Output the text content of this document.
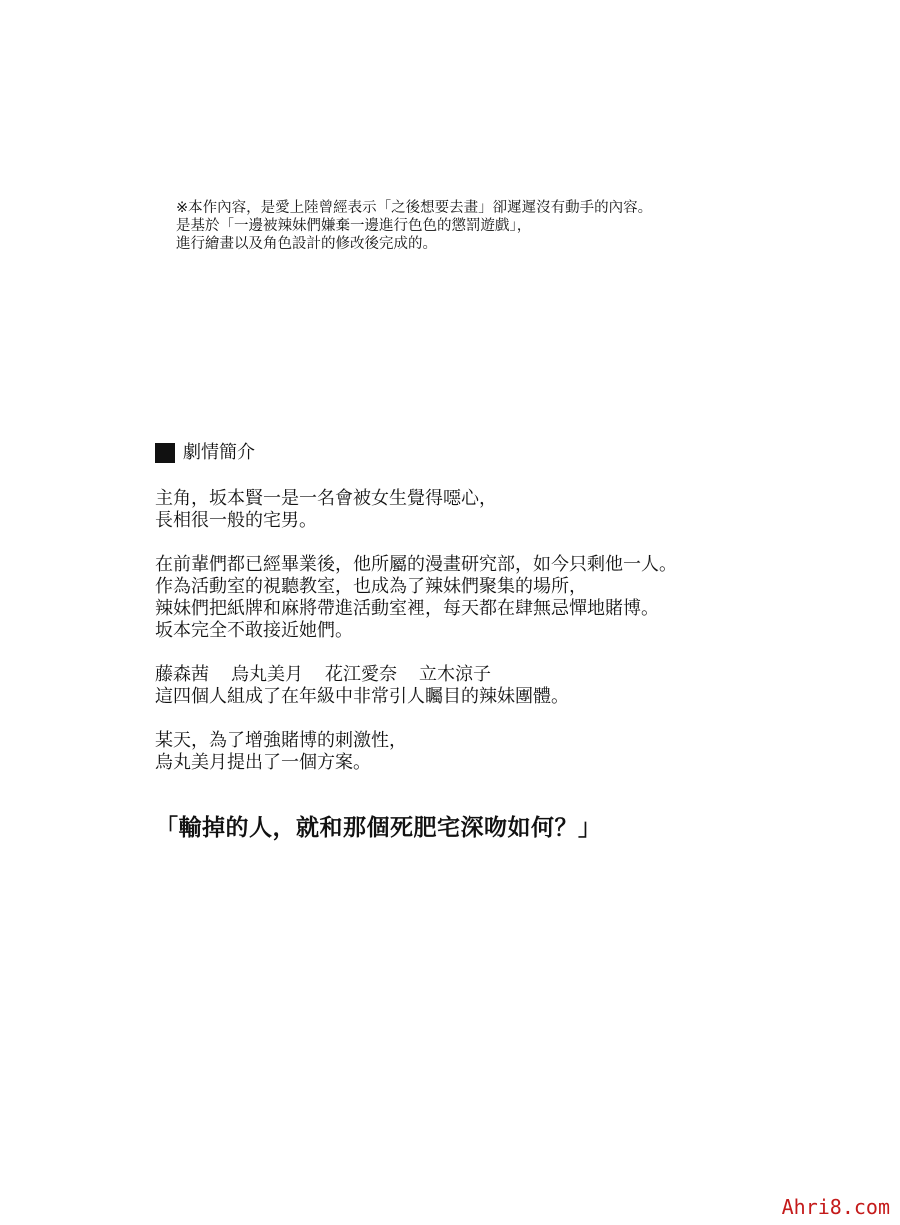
※本作內容，是愛上陸曾經表示「之後想要去畫」卻遲遲沒有動手的內容。
是基於「一邊被辣妹們嫌棄一邊進行色色的懲罰遊戲」，
進行繪畫以及角色設計的修改後完成的。
劇情簡介
主角，坂本賢一是一名會被女生覺得噁心，
長相很一般的宅男。
在前輩們都已經畢業後，他所屬的漫畫研究部，如今只剩他一人。
作為活動室的視聽教室，也成為了辣妹們聚集的場所，
辣妹們把紙牌和麻將帶進活動室裡，每天都在肆無忌憚地賭博。
坂本完全不敢接近她們。
藤森茜 烏丸美月 花江愛奈 立木涼子
這四個人組成了在年級中非常引人矚目的辣妹團體。
某天，為了增強賭博的刺激性，
烏丸美月提出了一個方案。
「輸掉的人，就和那個死肥宅深吻如何？」
Ahri8.com
